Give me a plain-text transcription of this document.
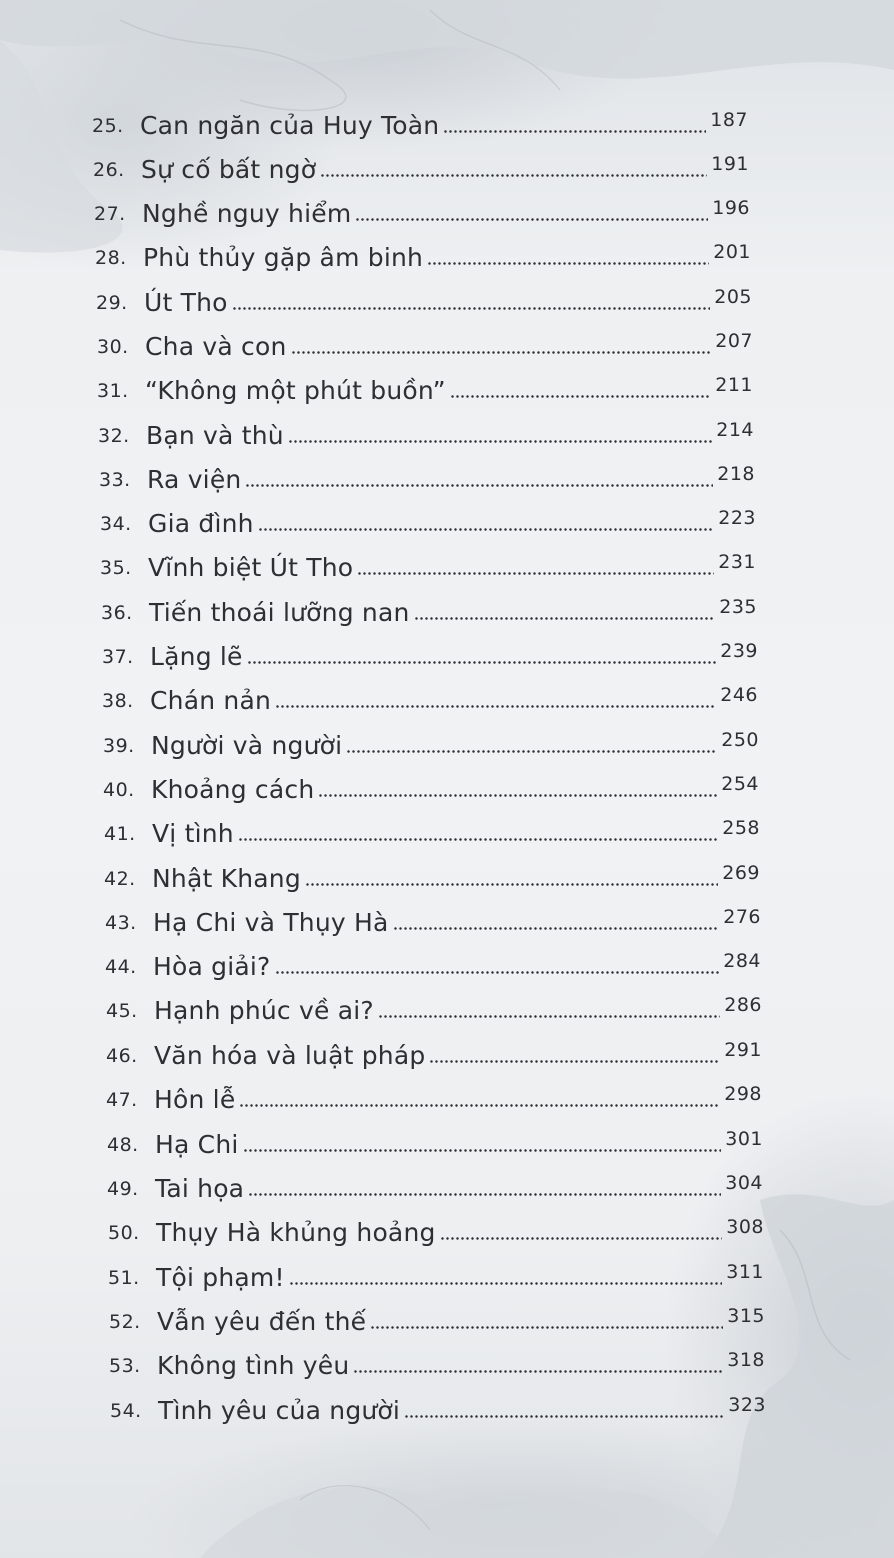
25. Can ngăn của Huy Toàn	187
26. Sự cố bất ngờ	191
27. Nghề nguy hiểm	196
28. Phù thủy gặp âm binh	201
29. Út Tho	205
30. Cha và con	207
31. “Không một phút buồn”	211
32. Bạn và thù	214
33. Ra viện	218
34. Gia đình	223
35. Vĩnh biệt Út Tho	231
36. Tiến thoái lưỡng nan	235
37. Lặng lẽ	239
38. Chán nản	246
39. Người và người	250
40. Khoảng cách	254
41. Vị tình	258
42. Nhật Khang	269
43. Hạ Chi và Thụy Hà	276
44. Hòa giải?	284
45. Hạnh phúc về ai?	286
46. Văn hóa và luật pháp	291
47. Hôn lễ	298
48. Hạ Chi	301
49. Tai họa	304
50. Thụy Hà khủng hoảng	308
51. Tội phạm!	311
52. Vẫn yêu đến thế	315
53. Không tình yêu	318
54. Tình yêu của người	323
